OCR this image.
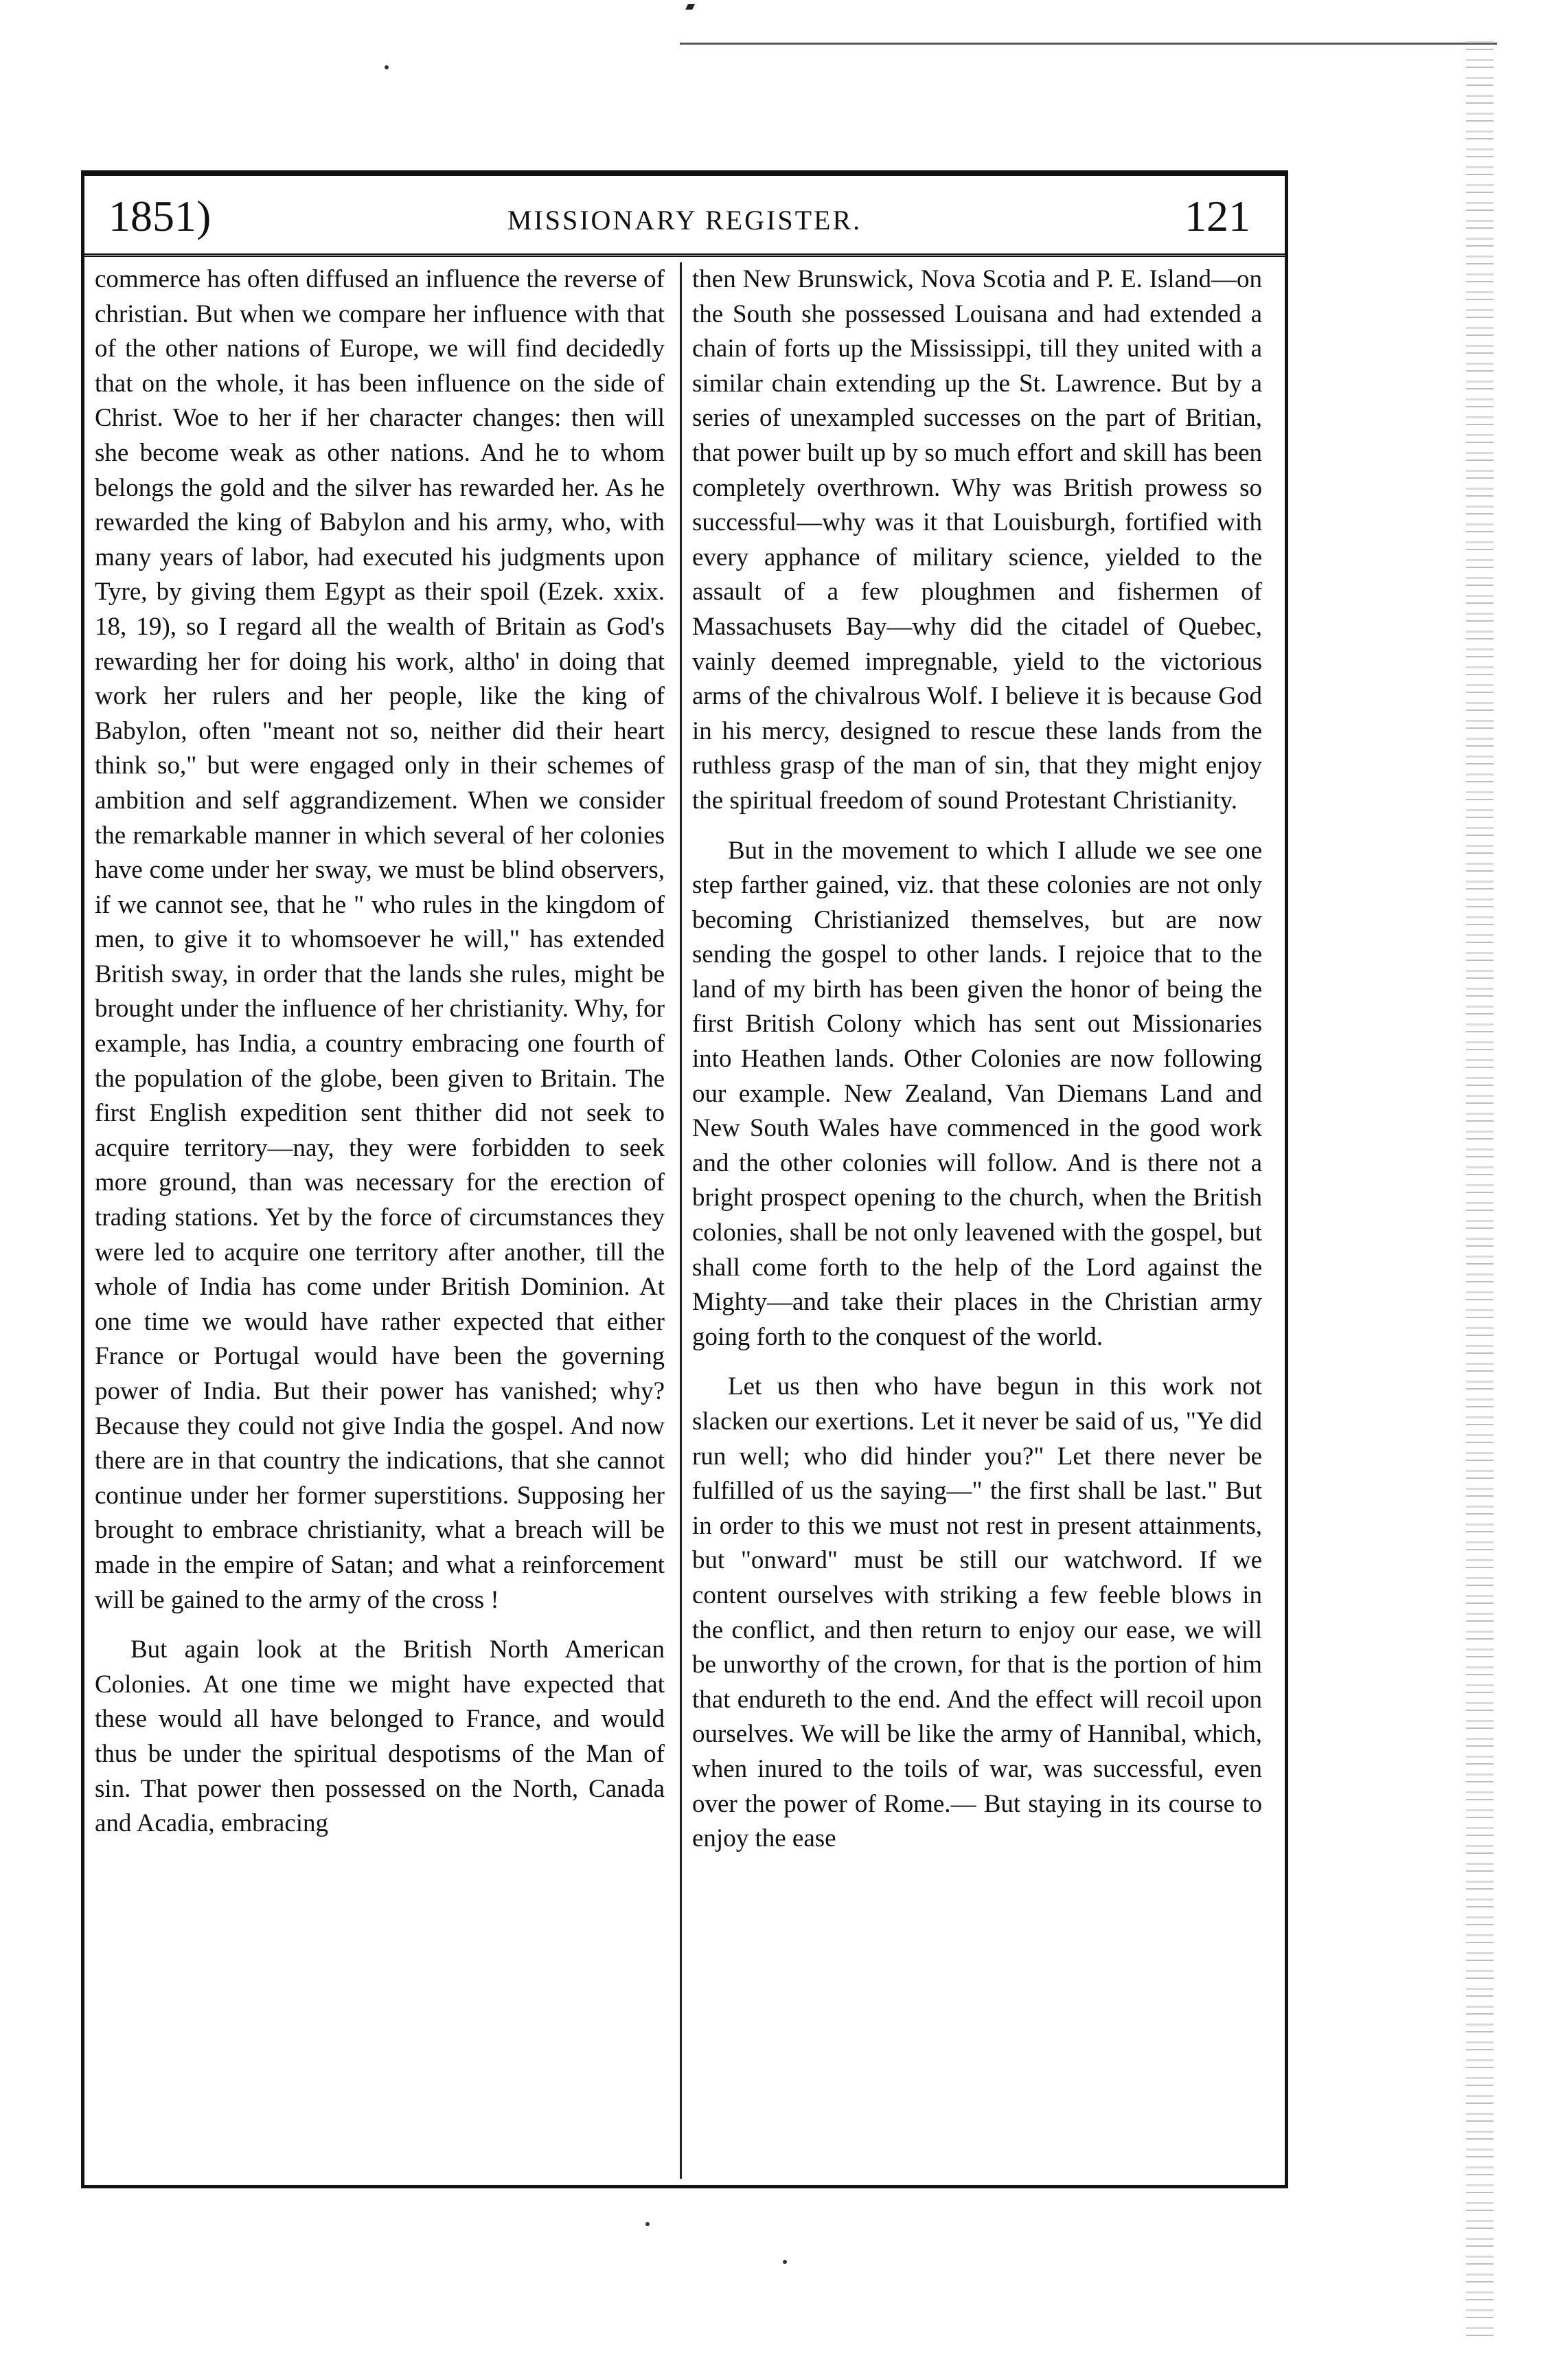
1851)	MISSIONARY REGISTER.	121

commerce has often diffused an influence the reverse of christian. But when we compare her influence with that of the other nations of Europe, we will find decidedly that on the whole, it has been influence on the side of Christ. Woe to her if her character changes: then will she become weak as other nations. And he to whom belongs the gold and the silver has rewarded her. As he rewarded the king of Babylon and his army, who, with many years of labor, had executed his judgments upon Tyre, by giving them Egypt as their spoil (Ezek. xxix. 18, 19), so I regard all the wealth of Britain as God's rewarding her for doing his work, altho' in doing that work her rulers and her people, like the king of Babylon, often "meant not so, neither did their heart think so," but were engaged only in their schemes of ambition and self aggrandizement. When we consider the remarkable manner in which several of her colonies have come under her sway, we must be blind observers, if we cannot see, that he " who rules in the kingdom of men, to give it to whomsoever he will," has extended British sway, in order that the lands she rules, might be brought under the influence of her christianity. Why, for example, has India, a country embracing one fourth of the population of the globe, been given to Britain. The first English expedition sent thither did not seek to acquire territory—nay, they were forbidden to seek more ground, than was necessary for the erection of trading stations. Yet by the force of circumstances they were led to acquire one territory after another, till the whole of India has come under British Dominion. At one time we would have rather expected that either France or Portugal would have been the governing power of India. But their power has vanished; why? Because they could not give India the gospel. And now there are in that country the indications, that she cannot continue under her former superstitions. Supposing her brought to embrace christianity, what a breach will be made in the empire of Satan; and what a reinforcement will be gained to the army of the cross !

But again look at the British North American Colonies. At one time we might have expected that these would all have belonged to France, and would thus be under the spiritual despotisms of the Man of sin. That power then possessed on the North, Canada and Acadia, embracing

then New Brunswick, Nova Scotia and P. E. Island—on the South she possessed Louisana and had extended a chain of forts up the Mississippi, till they united with a similar chain extending up the St. Lawrence. But by a series of unexampled successes on the part of Britian, that power built up by so much effort and skill has been completely overthrown. Why was British prowess so successful—why was it that Louisburgh, fortified with every apphance of military science, yielded to the assault of a few ploughmen and fishermen of Massachusets Bay—why did the citadel of Quebec, vainly deemed impregnable, yield to the victorious arms of the chivalrous Wolf. I believe it is because God in his mercy, designed to rescue these lands from the ruthless grasp of the man of sin, that they might enjoy the spiritual freedom of sound Protestant Christianity.

But in the movement to which I allude we see one step farther gained, viz. that these colonies are not only becoming Christianized themselves, but are now sending the gospel to other lands. I rejoice that to the land of my birth has been given the honor of being the first British Colony which has sent out Missionaries into Heathen lands. Other Colonies are now following our example. New Zealand, Van Diemans Land and New South Wales have commenced in the good work and the other colonies will follow. And is there not a bright prospect opening to the church, when the British colonies, shall be not only leavened with the gospel, but shall come forth to the help of the Lord against the Mighty—and take their places in the Christian army going forth to the conquest of the world.

Let us then who have begun in this work not slacken our exertions. Let it never be said of us, "Ye did run well; who did hinder you?" Let there never be fulfilled of us the saying—" the first shall be last." But in order to this we must not rest in present attainments, but "onward" must be still our watchword. If we content ourselves with striking a few feeble blows in the conflict, and then return to enjoy our ease, we will be unworthy of the crown, for that is the portion of him that endureth to the end. And the effect will recoil upon ourselves. We will be like the army of Hannibal, which, when inured to the toils of war, was successful, even over the power of Rome.— But staying in its course to enjoy the ease
